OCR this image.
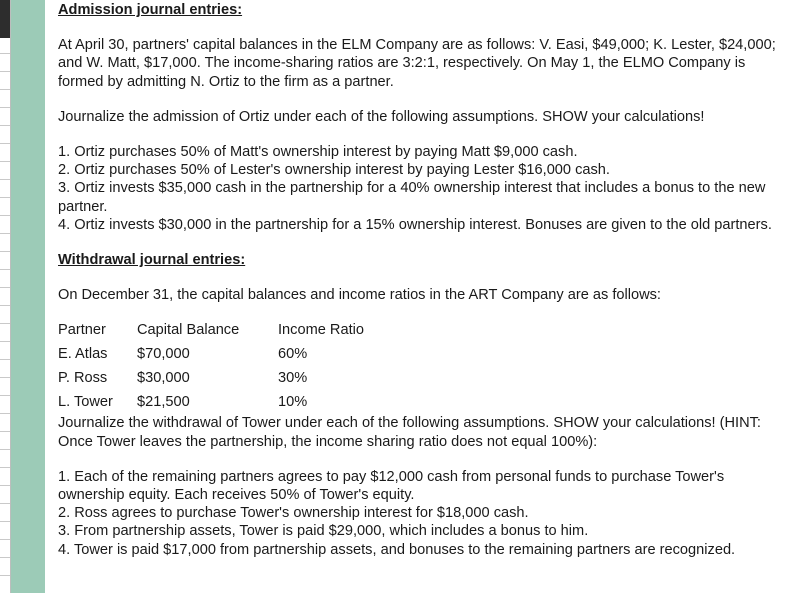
Admission journal entries:

At April 30, partners' capital balances in the ELM Company are as follows: V. Easi, $49,000; K. Lester, $24,000; and W. Matt, $17,000. The income-sharing ratios are 3:2:1, respectively. On May 1, the ELMO Company is formed by admitting N. Ortiz to the firm as a partner.

Journalize the admission of Ortiz under each of the following assumptions. SHOW your calculations!

1. Ortiz purchases 50% of Matt's ownership interest by paying Matt $9,000 cash.
2. Ortiz purchases 50% of Lester's ownership interest by paying Lester $16,000 cash.
3. Ortiz invests $35,000 cash in the partnership for a 40% ownership interest that includes a bonus to the new partner.
4. Ortiz invests $30,000 in the partnership for a 15% ownership interest. Bonuses are given to the old partners.

Withdrawal journal entries:

On December 31, the capital balances and income ratios in the ART Company are as follows:

Partner	Capital Balance	Income Ratio
E. Atlas	$70,000	60%
P. Ross	$30,000	30%
L. Tower	$21,500	10%

Journalize the withdrawal of Tower under each of the following assumptions. SHOW your calculations! (HINT: Once Tower leaves the partnership, the income sharing ratio does not equal 100%):

1. Each of the remaining partners agrees to pay $12,000 cash from personal funds to purchase Tower's ownership equity. Each receives 50% of Tower's equity.
2. Ross agrees to purchase Tower's ownership interest for $18,000 cash.
3. From partnership assets, Tower is paid $29,000, which includes a bonus to him.
4. Tower is paid $17,000 from partnership assets, and bonuses to the remaining partners are recognized.
